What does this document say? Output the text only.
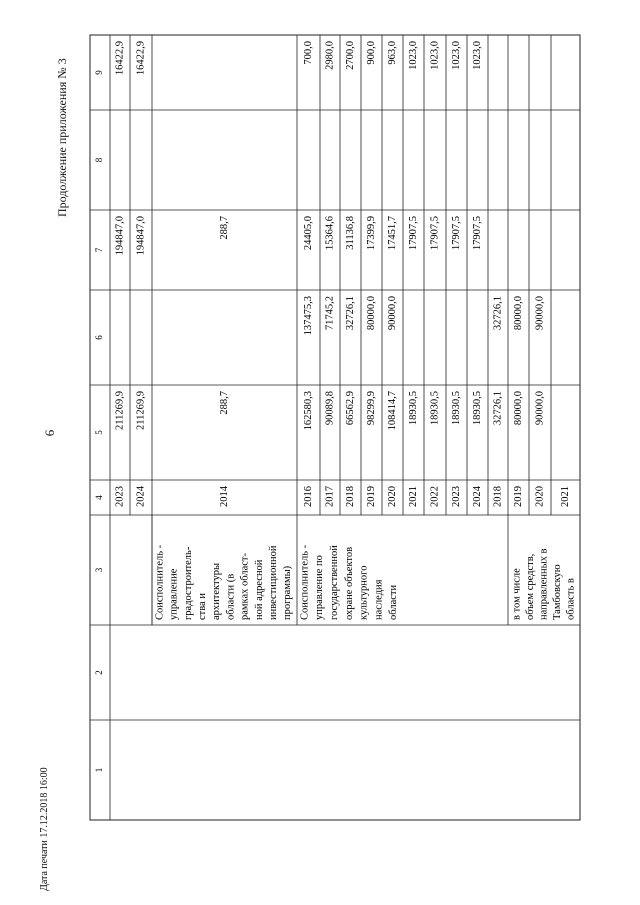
6
Продолжение приложения № 3
Дата печати 17.12.2018 16:00	1
2
3
4
5
6
7
8
9
2023
211269,9
194847,0
16422,9
2024
211269,9
194847,0
16422,9
2014
288,7
288,7
2016
162580,3
137475,3
24405,0
700,0
2017
90089,8
71745,2
15364,6
2980,0
2018
66562,9
32726,1
31136,8
2700,0
2019
98299,9
80000,0
17399,9
900,0
2020
108414,7
90000,0
17451,7
963,0
2021
18930,5
17907,5
1023,0
2022
18930,5
17907,5
1023,0
2023
18930,5
17907,5
1023,0
2024
18930,5
17907,5
1023,0
2018
32726,1
32726,1
2019
80000,0
80000,0
2020
90000,0
90000,0
2021
Соисполнитель - управление градостроитель- ства и архитектуры области (в рамках област- ной адресной инвестиционной программы) Соисполнитель - управление по государственной охране объектов культурного наследия области	в том числе объем средств, направленных в Тамбовскую область в
